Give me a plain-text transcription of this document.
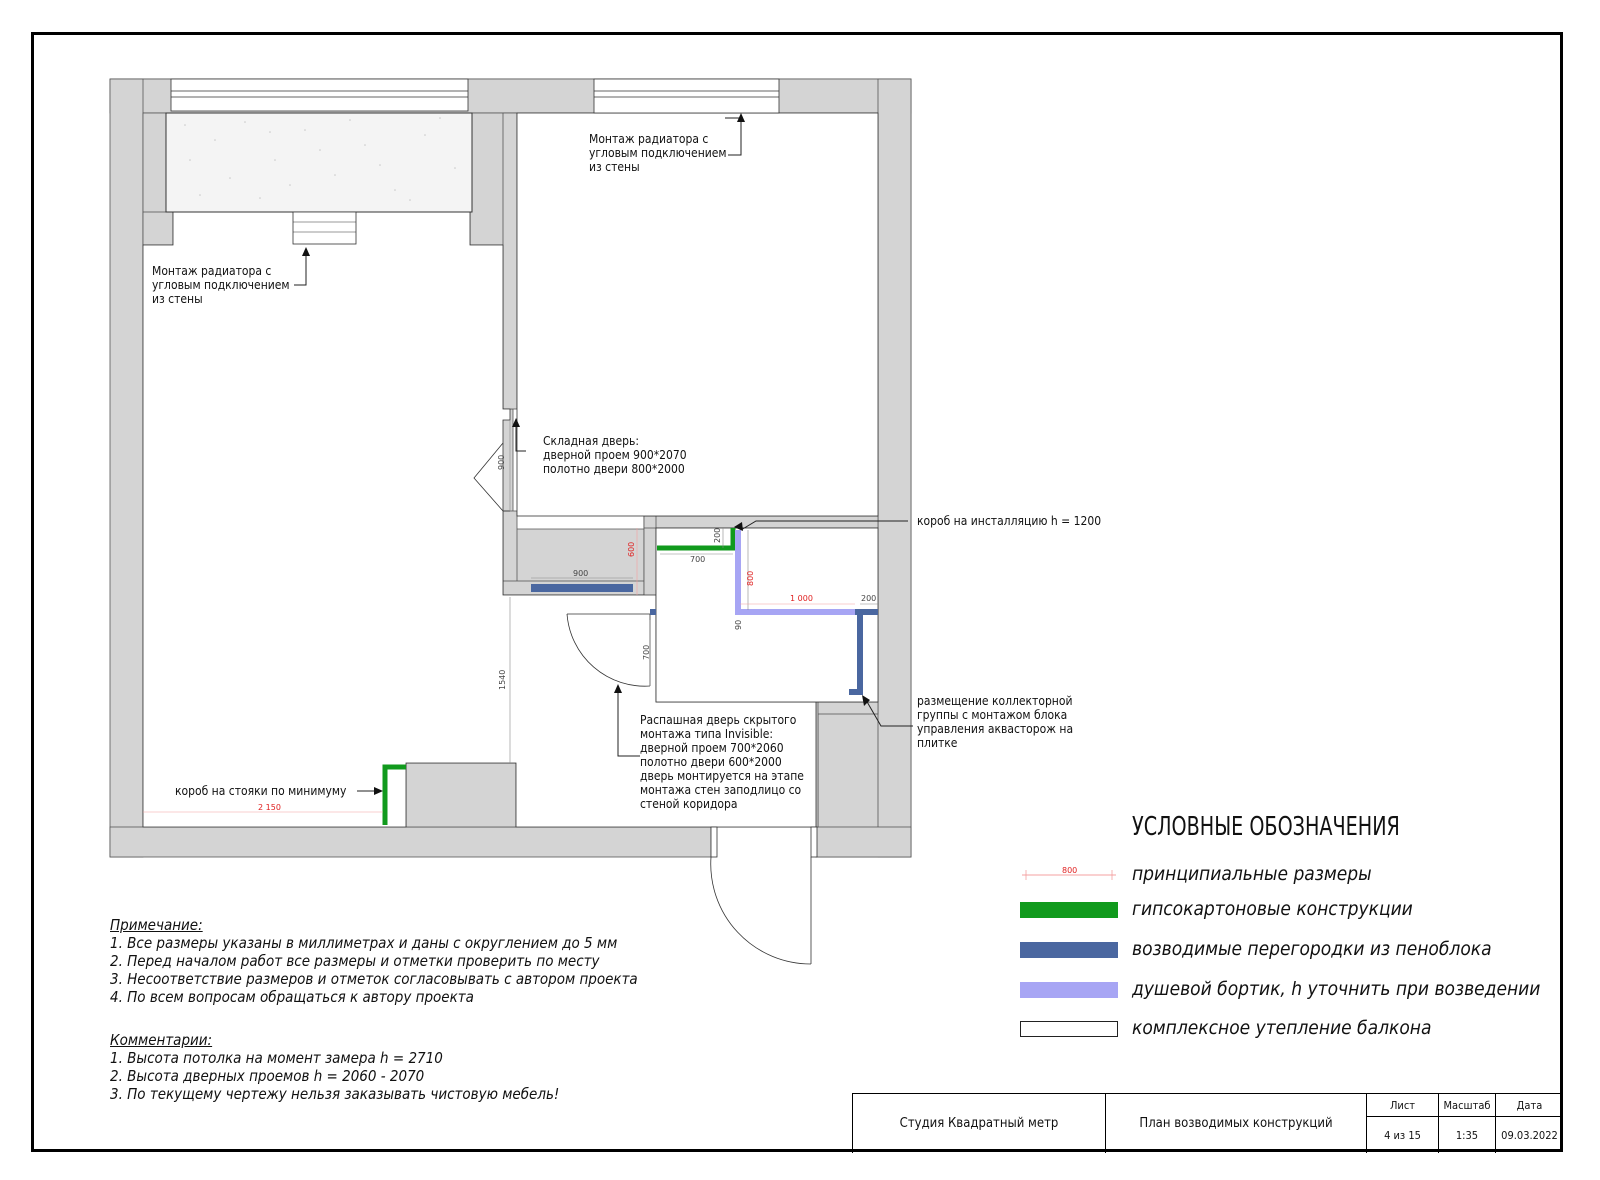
900
900
600
200
700
800
1 000	200
700
1540
2 150
90
Монтаж радиатора с
угловым подключением
из стены
Монтаж радиатора с
угловым подключением
из стены
Складная дверь:
дверной проем 900*2070
полотно двери 800*2000
короб на инсталляцию h = 1200
размещение коллекторной
группы с монтажом блока
управления аквасторож на
плитке
Распашная дверь скрытого
монтажа типа Invisible:
дверной проем 700*2060
полотно двери 600*2000
дверь монтируется на этапе
монтажа стен заподлицо со
стеной коридора
короб на стояки по минимуму
УСЛОВНЫЕ ОБОЗНАЧЕНИЯ
800	принципиальные размеры
гипсокартоновые конструкции
возводимые перегородки из пеноблока
душевой бортик, h уточнить при возведении
комплексное утепление балкона
Примечание:
1. Все размеры указаны в миллиметрах и даны с округлением до 5 мм
2. Перед началом работ все размеры и отметки проверить по месту
3. Несоответствие размеров и отметок согласовывать с автором проекта
4. По всем вопросам обращаться к автору проекта
Комментарии:
1. Высота потолка на момент замера h = 2710
2. Высота дверных проемов h = 2060 - 2070
3. По текущему чертежу нельзя заказывать чистовую мебель!
Студия Квадратный метр	План возводимых конструкций
Лист
4 из 15
Масштаб
1:35
Дата
09.03.2022
